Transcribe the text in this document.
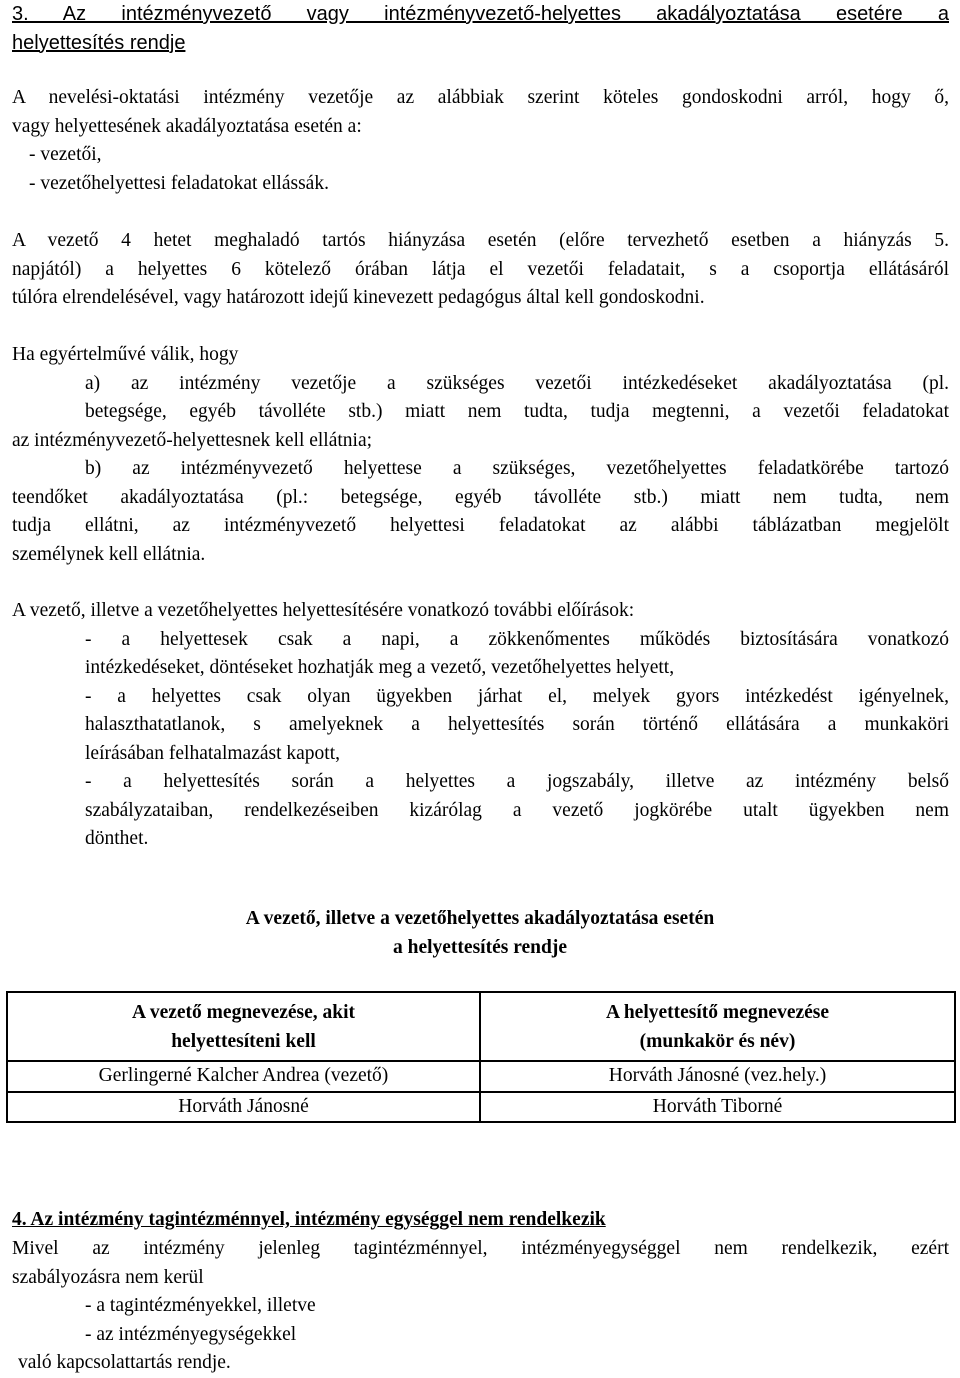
3. Az intézményvezető vagy intézményvezető-helyettes akadályoztatása esetére a
helyettesítés rendje
A nevelési-oktatási intézmény vezetője az alábbiak szerint köteles gondoskodni arról, hogy ő,
vagy helyettesének akadályoztatása esetén a:
- vezetői,
- vezetőhelyettesi feladatokat ellássák.
A vezető 4 hetet meghaladó tartós hiányzása esetén (előre tervezhető esetben a hiányzás 5.
napjától) a helyettes 6 kötelező órában látja el vezetői feladatait, s a csoportja ellátásáról
túlóra elrendelésével, vagy határozott idejű kinevezett pedagógus által kell gondoskodni.
Ha egyértelművé válik, hogy
a) az intézmény vezetője a szükséges vezetői intézkedéseket akadályoztatása (pl.
betegsége, egyéb távolléte stb.) miatt nem tudta, tudja megtenni, a vezetői feladatokat
az intézményvezető-helyettesnek kell ellátnia;
b) az intézményvezető helyettese a szükséges, vezetőhelyettes feladatkörébe tartozó
teendőket akadályoztatása (pl.: betegsége, egyéb távolléte stb.) miatt nem tudta, nem
tudja ellátni, az intézményvezető helyettesi feladatokat az alábbi táblázatban megjelölt
személynek kell ellátnia.
A vezető, illetve a vezetőhelyettes helyettesítésére vonatkozó további előírások:
- a helyettesek csak a napi, a zökkenőmentes működés biztosítására vonatkozó
intézkedéseket, döntéseket hozhatják meg a vezető, vezetőhelyettes helyett,
- a helyettes csak olyan ügyekben járhat el, melyek gyors intézkedést igényelnek,
halaszthatatlanok, s amelyeknek a helyettesítés során történő ellátására a munkaköri
leírásában felhatalmazást kapott,
- a helyettesítés során a helyettes a jogszabály, illetve az intézmény belső
szabályzataiban, rendelkezéseiben kizárólag a vezető jogkörébe utalt ügyekben nem
dönthet.
A vezető, illetve a vezetőhelyettes akadályoztatása esetén
a helyettesítés rendje
A vezető megnevezése, akit
helyettesíteni kell	A helyettesítő megnevezése
(munkakör és név)

Gerlingerné Kalcher Andrea (vezető)	Horváth Jánosné (vez.hely.)
Horváth Jánosné	Horváth Tiborné
4. Az intézmény tagintézménnyel, intézmény egységgel nem rendelkezik
Mivel az intézmény jelenleg tagintézménnyel, intézményegységgel nem rendelkezik, ezért
szabályozásra nem kerül
- a tagintézményekkel, illetve
- az intézményegységekkel
való kapcsolattartás rendje.
